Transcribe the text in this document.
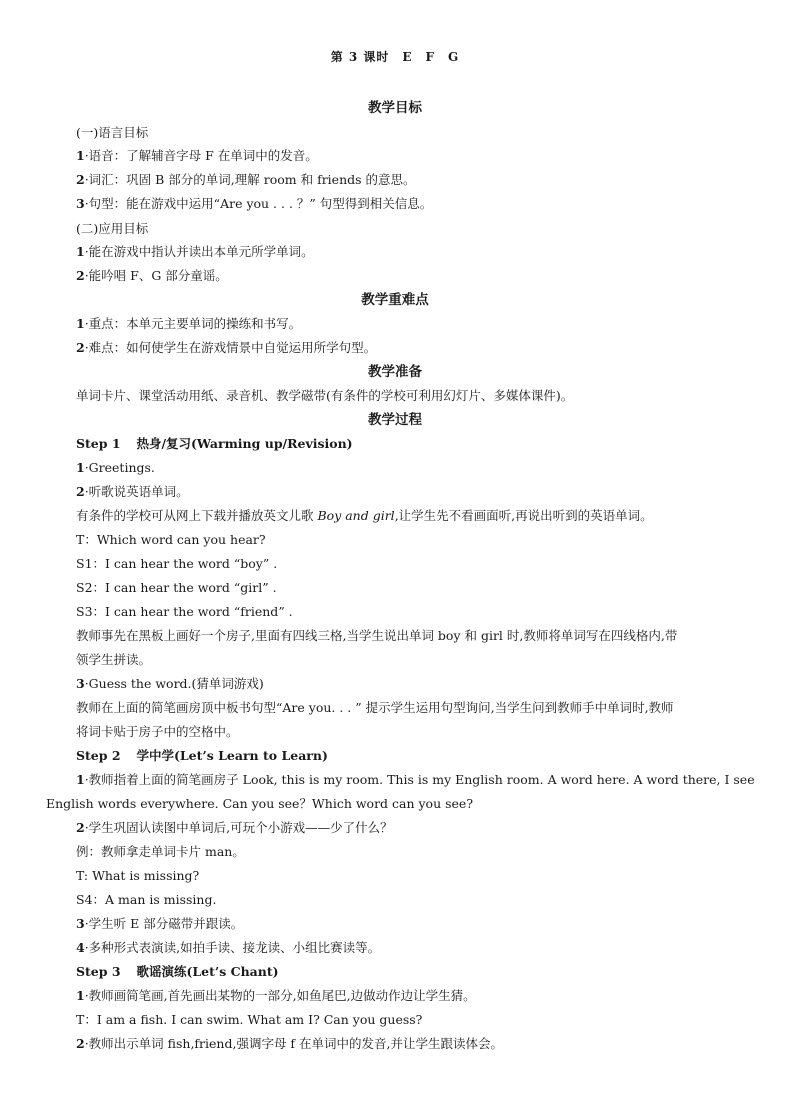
第 3 课时　E　F　G
教学目标
(一)语言目标
1·语音：了解辅音字母 F 在单词中的发音。
2·词汇：巩固 B 部分的单词,理解 room 和 friends 的意思。
3·句型：能在游戏中运用“Are you . . . ？” 句型得到相关信息。
(二)应用目标
1·能在游戏中指认并读出本单元所学单词。
2·能吟唱 F、G 部分童谣。
教学重难点
1·重点：本单元主要单词的操练和书写。
2·难点：如何使学生在游戏情景中自觉运用所学句型。
教学准备
单词卡片、课堂活动用纸、录音机、教学磁带(有条件的学校可利用幻灯片、多媒体课件)。
教学过程
Step 1 热身/复习(Warming up/Revision)
1·Greetings.
2·听歌说英语单词。
有条件的学校可从网上下载并播放英文儿歌 Boy and girl,让学生先不看画面听,再说出听到的英语单词。
T：Which word can you hear?
S1：I can hear the word “boy” .
S2：I can hear the word “girl” .
S3：I can hear the word “friend” .
教师事先在黑板上画好一个房子,里面有四线三格,当学生说出单词 boy 和 girl 时,教师将单词写在四线格内,带
领学生拼读。
3·Guess the word.(猜单词游戏)
教师在上面的简笔画房顶中板书句型“Are you. . . ” 提示学生运用句型询问,当学生问到教师手中单词时,教师
将词卡贴于房子中的空格中。
Step 2 学中学(Let’s Learn to Learn)
1·教师指着上面的简笔画房子 Look, this is my room. This is my English room. A word here. A word there, I see
English words everywhere. Can you see？Which word can you see?
2·学生巩固认读图中单词后,可玩个小游戏——少了什么？
例：教师拿走单词卡片 man。
T: What is missing?
S4：A man is missing.
3·学生听 E 部分磁带并跟读。
4·多种形式表演读,如拍手读、接龙读、小组比赛读等。
Step 3 歌谣演练(Let’s Chant)
1·教师画简笔画,首先画出某物的一部分,如鱼尾巴,边做动作边让学生猜。
T：I am a fish. I can swim. What am I? Can you guess?
2·教师出示单词 fish,friend,强调字母 f 在单词中的发音,并让学生跟读体会。
